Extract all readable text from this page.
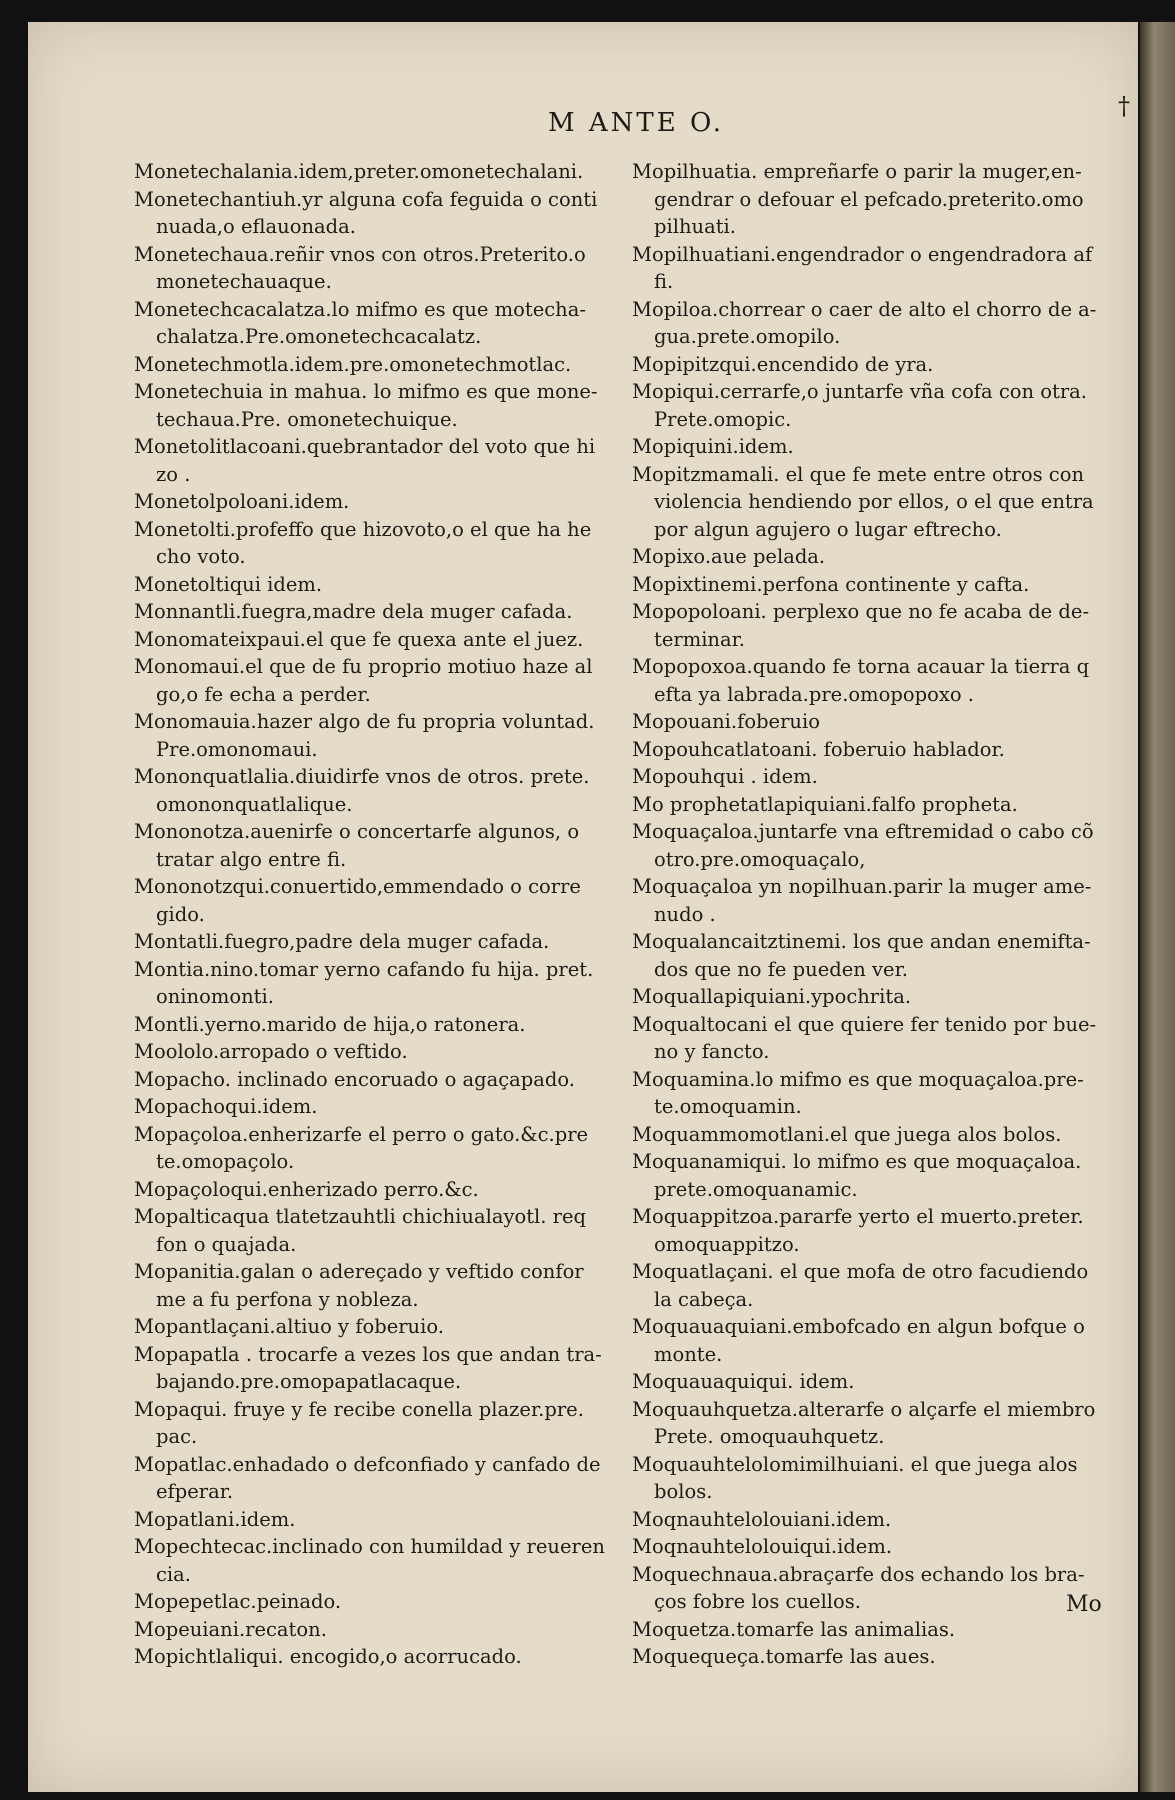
M ANTE O.
†
Monetechalania.idem,preter.omonetechalani.
Monetechantiuh.yr alguna cofa feguida o conti nuada,o eflauonada.
Monetechaua.reñir vnos con otros.Preterito.o monetechauaque.
Monetechcacalatza.lo mifmo es que motecha- chalatza.Pre.omonetechcacalatz.
Monetechmotla.idem.pre.omonetechmotlac.
Monetechuia in mahua. lo mifmo es que mone- techaua.Pre. omonetechuique.
Monetolitlacoani.quebrantador del voto que hi zo .
Monetolpoloani.idem.
Monetolti.profeffo que hizovoto,o el que ha he cho voto.
Monetoltiqui idem.
Monnantli.fuegra,madre dela muger cafada.
Monomateixpaui.el que fe quexa ante el juez.
Monomaui.el que de fu proprio motiuo haze al go,o fe echa a perder.
Monomauia.hazer algo de fu propria voluntad. Pre.omonomaui.
Mononquatlalia.diuidirfe vnos de otros. prete. omononquatlalique.
Mononotza.auenirfe o concertarfe algunos, o tratar algo entre fi.
Mononotzqui.conuertido,emmendado o corre gido.
Montatli.fuegro,padre dela muger cafada.
Montia.nino.tomar yerno cafando fu hija. pret. oninomonti.
Montli.yerno.marido de hija,o ratonera.
Moololo.arropado o veftido.
Mopacho. inclinado encoruado o agaçapado.
Mopachoqui.idem.
Mopaçoloa.enherizarfe el perro o gato.&c.pre te.omopaçolo.
Mopaçoloqui.enherizado perro.&c.
Mopalticaqua tlatetzauhtli chichiualayotl. req fon o quajada.
Mopanitia.galan o adereçado y veftido confor me a fu perfona y nobleza.
Mopantlaçani.altiuo y foberuio.
Mopapatla . trocarfe a vezes los que andan tra- bajando.pre.omopapatlacaque.
Mopaqui. fruye y fe recibe conella plazer.pre. pac.
Mopatlac.enhadado o defconfiado y canfado de efperar.
Mopatlani.idem.
Mopechtecac.inclinado con humildad y reueren cia.
Mopepetlac.peinado.
Mopeuiani.recaton.
Mopichtlaliqui. encogido,o acorrucado.
Mopilhuatia. empreñarfe o parir la muger,en- gendrar o defouar el pefcado.preterito.omo pilhuati.
Mopilhuatiani.engendrador o engendradora af fi.
Mopiloa.chorrear o caer de alto el chorro de a- gua.prete.omopilo.
Mopipitzqui.encendido de yra.
Mopiqui.cerrarfe,o juntarfe vña cofa con otra. Prete.omopic.
Mopiquini.idem.
Mopitzmamali. el que fe mete entre otros con violencia hendiendo por ellos, o el que entra por algun agujero o lugar eftrecho.
Mopixo.aue pelada.
Mopixtinemi.perfona continente y cafta.
Mopopoloani. perplexo que no fe acaba de de- terminar.
Mopopoxoa.quando fe torna acauar la tierra q efta ya labrada.pre.omopopoxo .
Mopouani.foberuio
Mopouhcatlatoani. foberuio hablador.
Mopouhqui . idem.
Mo prophetatlapiquiani.falfo propheta.
Moquaçaloa.juntarfe vna eftremidad o cabo cõ otro.pre.omoquaçalo,
Moquaçaloa yn nopilhuan.parir la muger ame- nudo .
Moqualancaitztinemi. los que andan enemifta- dos que no fe pueden ver.
Moquallapiquiani.ypochrita.
Moqualtocani el que quiere fer tenido por bue- no y fancto.
Moquamina.lo mifmo es que moquaçaloa.pre- te.omoquamin.
Moquammomotlani.el que juega alos bolos.
Moquanamiqui. lo mifmo es que moquaçaloa. prete.omoquanamic.
Moquappitzoa.pararfe yerto el muerto.preter. omoquappitzo.
Moquatlaçani. el que mofa de otro facudiendo la cabeça.
Moquauaquiani.embofcado en algun bofque o monte.
Moquauaquiqui. idem.
Moquauhquetza.alterarfe o alçarfe el miembro Prete. omoquauhquetz.
Moquauhtelolomimilhuiani. el que juega alos bolos.
Moqnauhtelolouiani.idem.
Moqnauhtelolouiqui.idem.
Moquechnaua.abraçarfe dos echando los bra- ços fobre los cuellos.
Moquetza.tomarfe las animalias.
Moquequeça.tomarfe las aues.
Mo
